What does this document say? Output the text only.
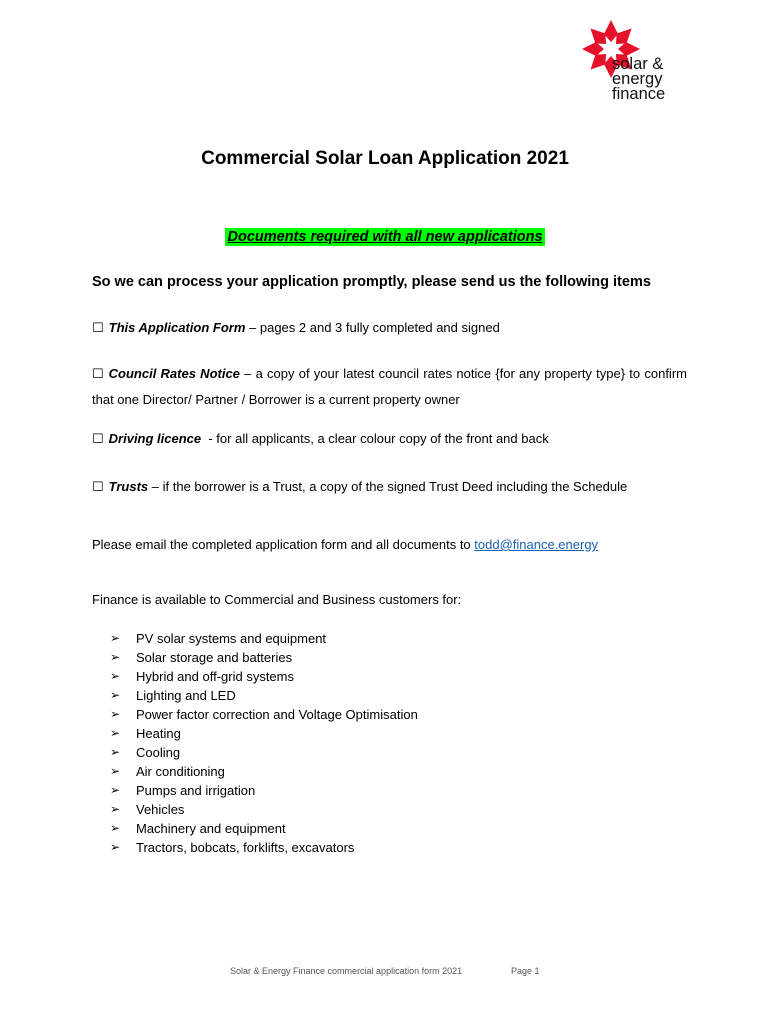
solar &
energy
finance
Commercial Solar Loan Application 2021
Documents required with all new applications
So we can process your application promptly, please send us the following items
☐ This Application Form – pages 2 and 3 fully completed and signed
☐ Council Rates Notice – a copy of your latest council rates notice {for any property type} to confirm that one Director/ Partner / Borrower is a current property owner
☐ Driving licence  - for all applicants, a clear colour copy of the front and back
☐ Trusts – if the borrower is a Trust, a copy of the signed Trust Deed including the Schedule
Please email the completed application form and all documents to todd@finance.energy
Finance is available to Commercial and Business customers for:
➢ PV solar systems and equipment
➢ Solar storage and batteries
➢ Hybrid and off-grid systems
➢ Lighting and LED
➢ Power factor correction and Voltage Optimisation
➢ Heating
➢ Cooling
➢ Air conditioning
➢ Pumps and irrigation
➢ Vehicles
➢ Machinery and equipment
➢ Tractors, bobcats, forklifts, excavators
Solar & Energy Finance commercial application form 2021	Page 1
